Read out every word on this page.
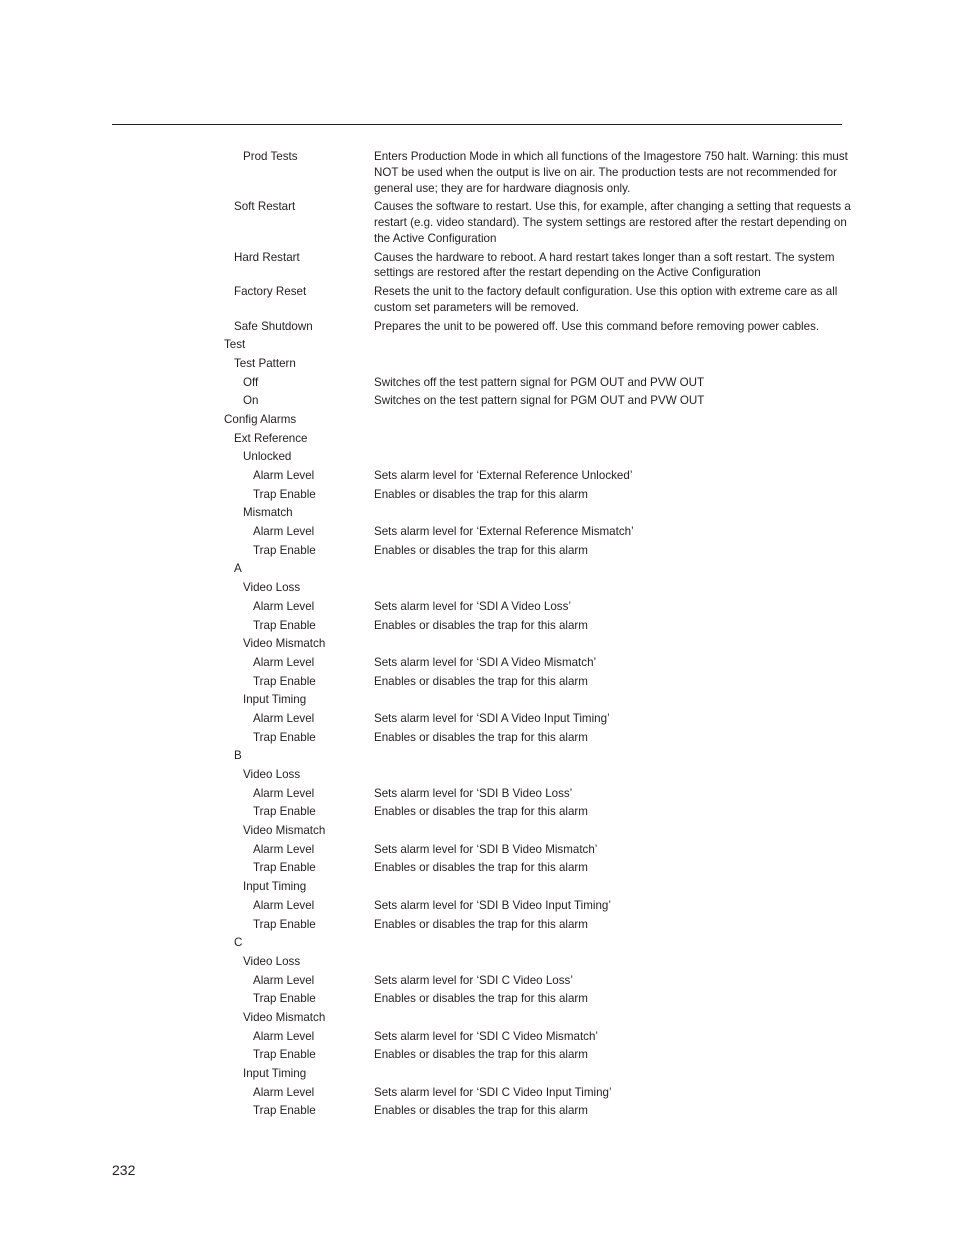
Prod Tests	Enters Production Mode in which all functions of the Imagestore 750 halt. Warning: this must NOT be used when the output is live on air. The production tests are not recommended for general use; they are for hardware diagnosis only.
Soft Restart	Causes the software to restart. Use this, for example, after changing a setting that requests a restart (e.g. video standard). The system settings are restored after the restart depending on the Active Configuration
Hard Restart	Causes the hardware to reboot. A hard restart takes longer than a soft restart. The system settings are restored after the restart depending on the Active Configuration
Factory Reset	Resets the unit to the factory default configuration. Use this option with extreme care as all custom set parameters will be removed.
Safe Shutdown	Prepares the unit to be powered off. Use this command before removing power cables.
Test
Test Pattern
Off	Switches off the test pattern signal for PGM OUT and PVW OUT
On	Switches on the test pattern signal for PGM OUT and PVW OUT
Config Alarms
Ext Reference
Unlocked
Alarm Level	Sets alarm level for ‘External Reference Unlocked’
Trap Enable	Enables or disables the trap for this alarm
Mismatch
Alarm Level	Sets alarm level for ‘External Reference Mismatch’
Trap Enable	Enables or disables the trap for this alarm
A
Video Loss
Alarm Level	Sets alarm level for ‘SDI A Video Loss’
Trap Enable	Enables or disables the trap for this alarm
Video Mismatch
Alarm Level	Sets alarm level for ‘SDI A Video Mismatch’
Trap Enable	Enables or disables the trap for this alarm
Input Timing
Alarm Level	Sets alarm level for ‘SDI A Video Input Timing’
Trap Enable	Enables or disables the trap for this alarm
B
Video Loss
Alarm Level	Sets alarm level for ‘SDI B Video Loss’
Trap Enable	Enables or disables the trap for this alarm
Video Mismatch
Alarm Level	Sets alarm level for ‘SDI B Video Mismatch’
Trap Enable	Enables or disables the trap for this alarm
Input Timing
Alarm Level	Sets alarm level for ‘SDI B Video Input Timing’
Trap Enable	Enables or disables the trap for this alarm
C
Video Loss
Alarm Level	Sets alarm level for ‘SDI C Video Loss’
Trap Enable	Enables or disables the trap for this alarm
Video Mismatch
Alarm Level	Sets alarm level for ‘SDI C Video Mismatch’
Trap Enable	Enables or disables the trap for this alarm
Input Timing
Alarm Level	Sets alarm level for ‘SDI C Video Input Timing’
Trap Enable	Enables or disables the trap for this alarm
232
